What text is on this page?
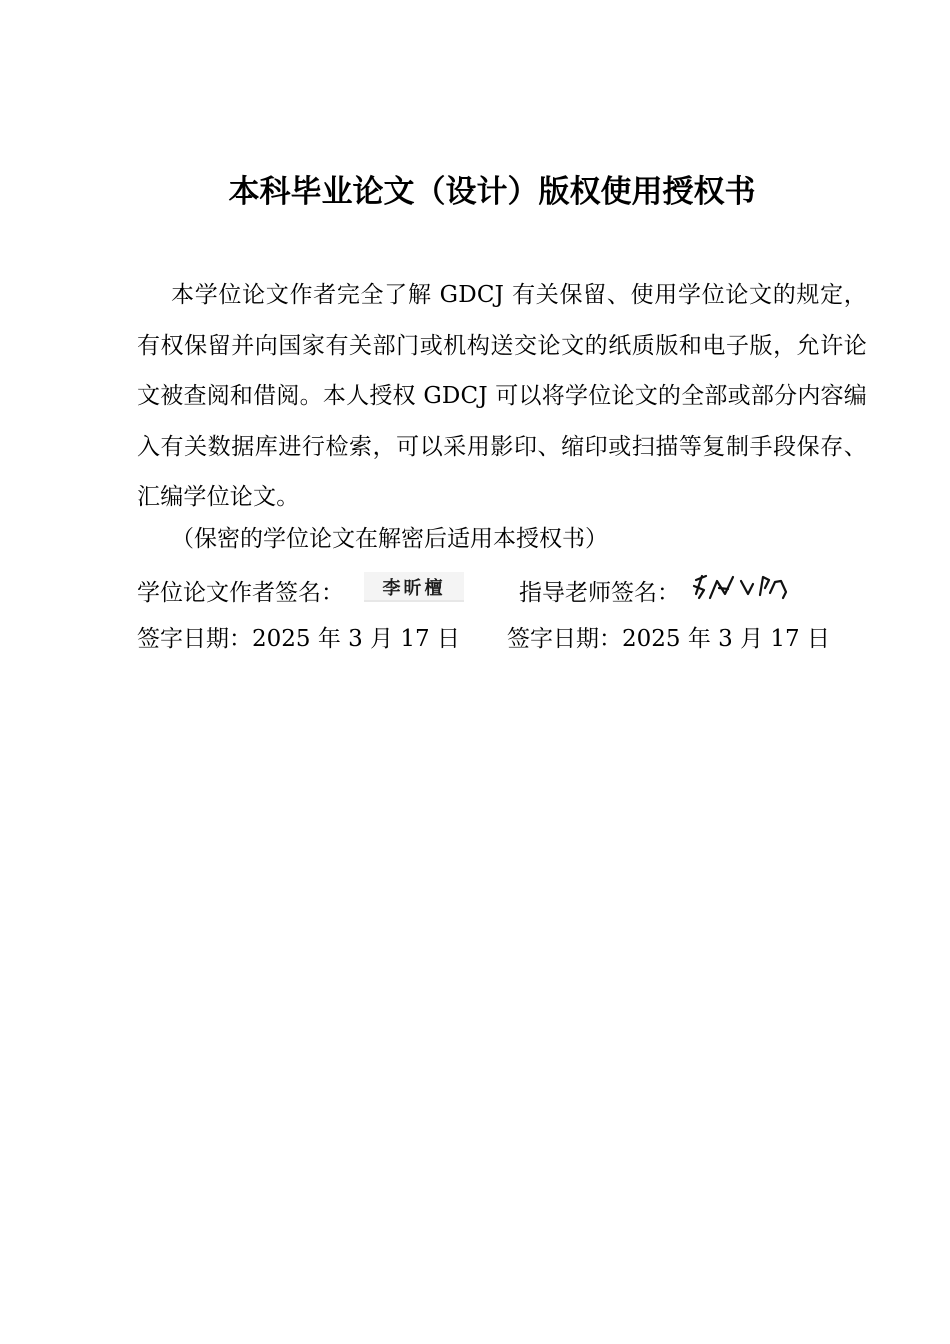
本科毕业论文（设计）版权使用授权书

本学位论文作者完全了解 GDCJ 有关保留、使用学位论文的规定，有权保留并向国家有关部门或机构送交论文的纸质版和电子版，允许论文被查阅和借阅。本人授权 GDCJ 可以将学位论文的全部或部分内容编入有关数据库进行检索，可以采用影印、缩印或扫描等复制手段保存、汇编学位论文。

（保密的学位论文在解密后适用本授权书）
学位论文作者签名： 李昕檀	指导老师签名：
签字日期：2025 年 3 月 17 日 签字日期：2025 年 3 月 17 日
